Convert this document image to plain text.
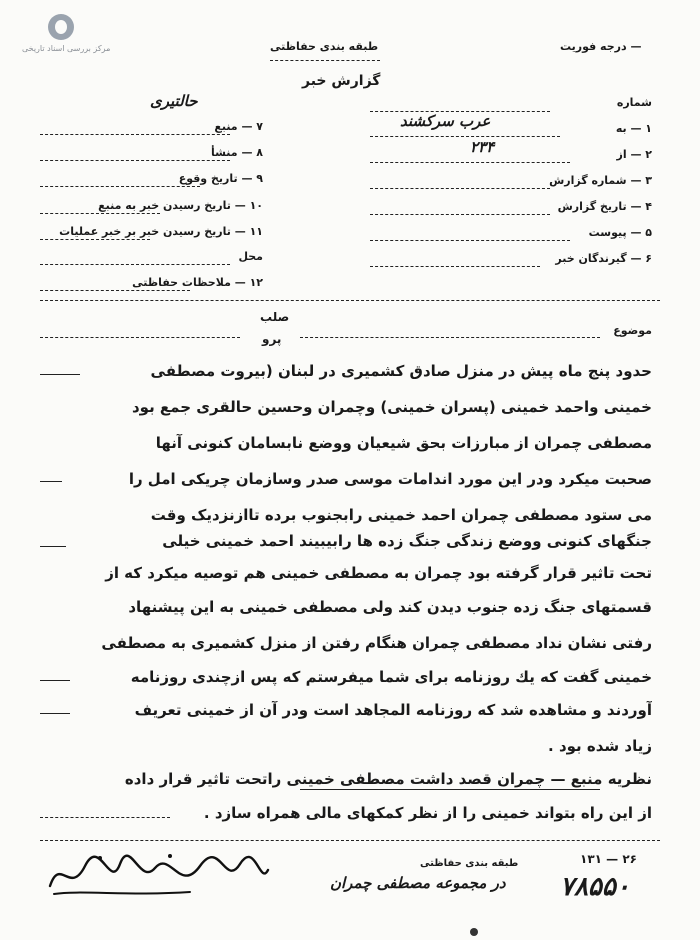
مرکز بررسی اسناد تاریخی	طبقه بندی حفاظتی	— درجه فوریت
گزارش خبر
حالتیری
۷ — منبع
۸ — منشأ
۹ — تاریخ وقوع
۱۰ — تاریخ رسیدن خبر به منبع
۱۱ — تاریخ رسیدن خبر بر خبر عملیات
محل
۱۲ — ملاحظات حفاظتی
شماره
۱ — به
۲ — از
۳ — شماره گزارش
۴ — تاریخ گزارش
۵ — پیوست
۶ — گیرندگان خبر
عرب سرکشند
۲۳۴
موضوع
صلب
پرو
حدود پنج ماه پیش در منزل صادق کشمیری در لبنان (بیروت مصطفی
خمینی واحمد خمینی (پسران خمینی) وچمران وحسین حالقری جمع بود
مصطفی چمران از مبارزات بحق شیعیان ووضع نابسامان کنونی آنها
صحبت میکرد ودر این مورد اندامات موسی صدر وسازمان چریکی امل را
می ستود مصطفی چمران احمد خمینی رابجنوب برده تاازنزدیک وقت
جنگهای کنونی ووضع زندگی جنگ زده ها رابیبیند احمد خمینی خیلی
تحت تاثیر قرار گرفته بود چمران به مصطفی خمینی هم توصیه میکرد که از
قسمتهای جنگ زده جنوب دیدن کند ولی مصطفی خمینی به این پیشنهاد
رفتی نشان نداد مصطفی چمران هنگام رفتن از منزل کشمیری به مصطفی
خمینی گفت که یك روزنامه برای شما میفرستم که پس ازچندی روزنامه
آوردند و مشاهده شد که روزنامه المجاهد است ودر آن از خمینی تعریف
زیاد شده بود .
نظریه منبع — چمران قصد داشت مصطفی خمینی راتحت تاثیر قرار داده
از این راه بتواند خمینی را از نظر کمکهای مالی همراه سازد .
۲۶ — ۱۳۱
طبقه بندی حفاظتی
در مجموعه مصطفی چمران ۷۸۵۵۰
